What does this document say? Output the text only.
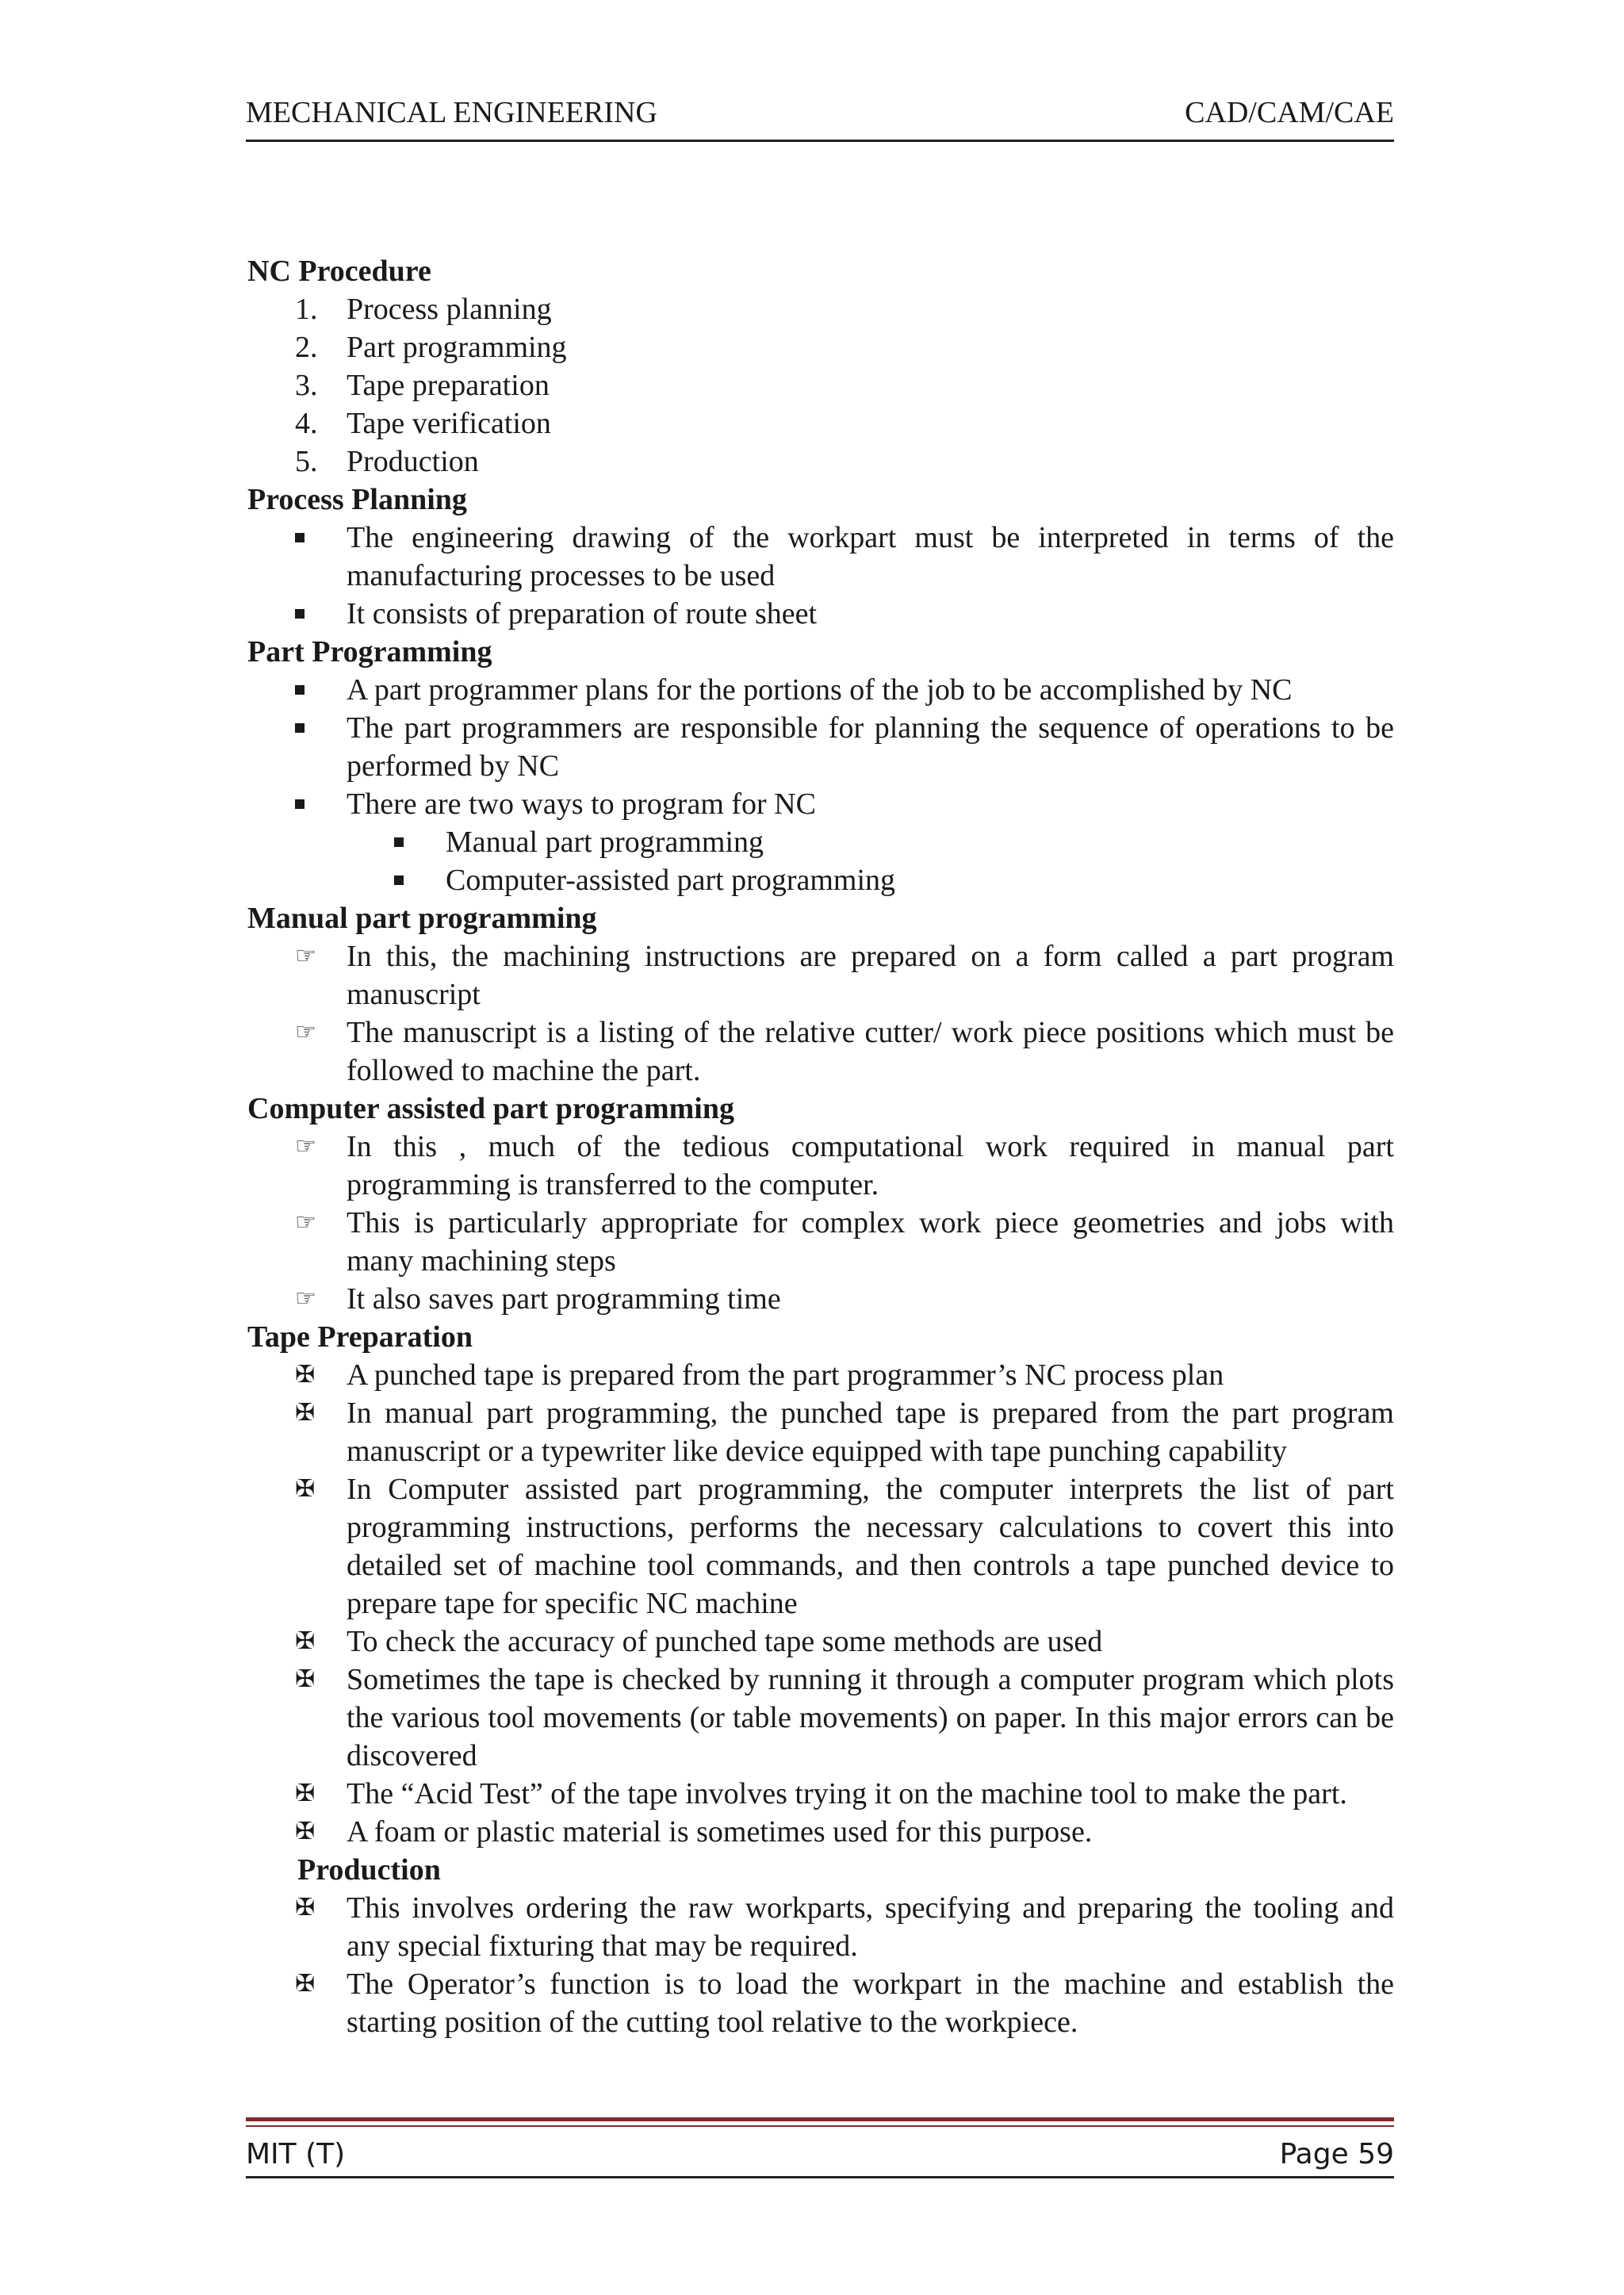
MECHANICAL ENGINEERING	CAD/CAM/CAE
NC Procedure
1. Process planning
2. Part programming
3. Tape preparation
4. Tape verification
5. Production
Process Planning
The engineering drawing of the workpart must be interpreted in terms of the manufacturing processes to be used
It consists of preparation of route sheet
Part Programming
A part programmer plans for the portions of the job to be accomplished by NC
The part programmers are responsible for planning the sequence of operations to be performed by NC
There are two ways to program for NC
Manual part programming
Computer-assisted part programming
Manual part programming
☞	In this, the machining instructions are prepared on a form called a part program manuscript
☞	The manuscript is a listing of the relative cutter/ work piece positions which must be followed to machine the part.
Computer assisted part programming
☞	In this , much of the tedious computational work required in manual part programming is transferred to the computer.
☞	This is particularly appropriate for complex work piece geometries and jobs with many machining steps
☞	It also saves part programming time
Tape Preparation
✠	A punched tape is prepared from the part programmer’s NC process plan
✠	In manual part programming, the punched tape is prepared from the part program manuscript or a typewriter like device equipped with tape punching capability
✠	In Computer assisted part programming, the computer interprets the list of part programming instructions, performs the necessary calculations to covert this into detailed set of machine tool commands, and then controls a tape punched device to prepare tape for specific NC machine
✠	To check the accuracy of punched tape some methods are used
✠	Sometimes the tape is checked by running it through a computer program which plots the various tool movements (or table movements) on paper. In this major errors can be discovered
✠	The “Acid Test” of the tape involves trying it on the machine tool to make the part.
✠	A foam or plastic material is sometimes used for this purpose.
Production
✠	This involves ordering the raw workparts, specifying and preparing the tooling and any special fixturing that may be required.
✠	The Operator’s function is to load the workpart in the machine and establish the starting position of the cutting tool relative to the workpiece.
MIT (T)	Page 59
